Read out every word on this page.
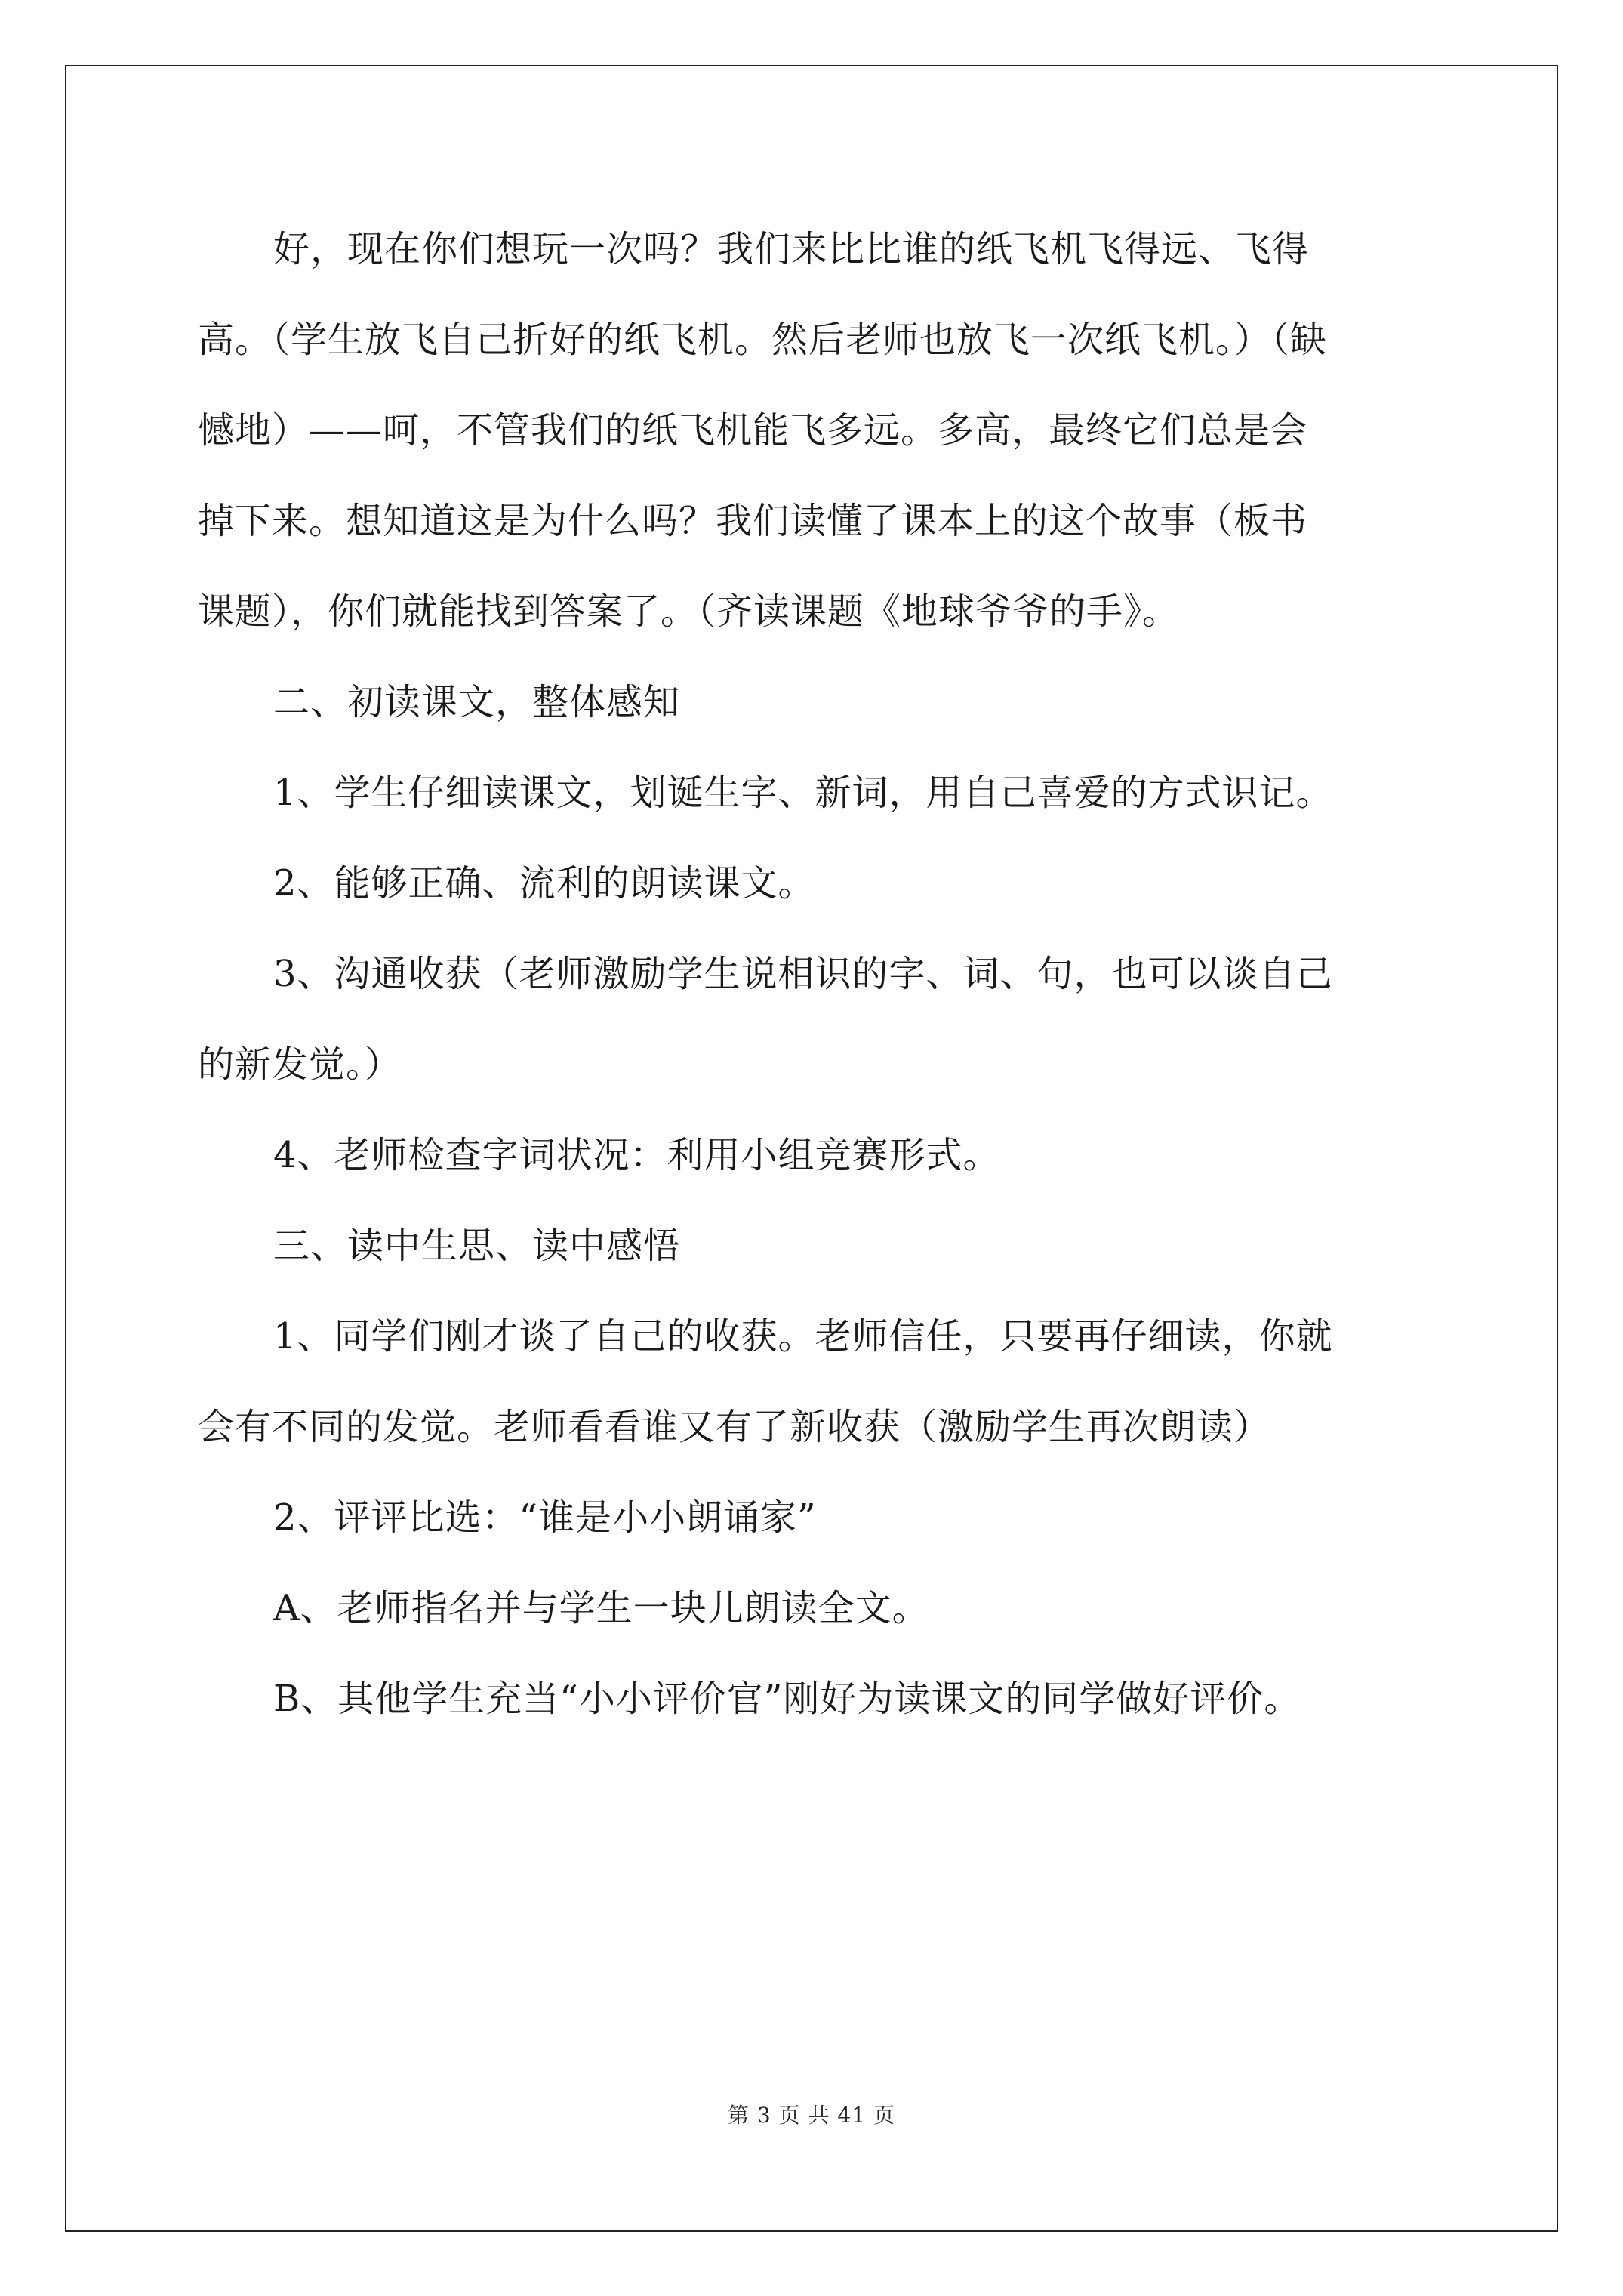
好，现在你们想玩一次吗？我们来比比谁的纸飞机飞得远、飞得
高。（学生放飞自己折好的纸飞机。然后老师也放飞一次纸飞机。）（缺
憾地）——呵，不管我们的纸飞机能飞多远。多高，最终它们总是会
掉下来。想知道这是为什么吗？我们读懂了课本上的这个故事（板书
课题），你们就能找到答案了。（齐读课题《地球爷爷的手》。
二、初读课文，整体感知
1、学生仔细读课文，划诞生字、新词，用自己喜爱的方式识记。
2、能够正确、流利的朗读课文。
3、沟通收获（老师激励学生说相识的字、词、句，也可以谈自己
的新发觉。）
4、老师检查字词状况：利用小组竞赛形式。
三、读中生思、读中感悟
1、同学们刚才谈了自己的收获。老师信任，只要再仔细读，你就
会有不同的发觉。老师看看谁又有了新收获（激励学生再次朗读）
2、评评比选：“谁是小小朗诵家”
A、老师指名并与学生一块儿朗读全文。
B、其他学生充当“小小评价官”刚好为读课文的同学做好评价。
第 3 页 共 41 页
